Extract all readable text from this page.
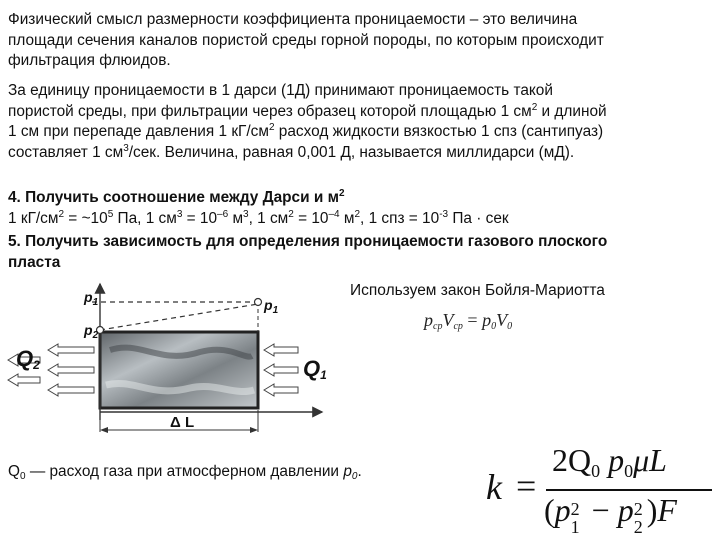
Физический смысл размерности коэффициента проницаемости – это величина
площади сечения каналов пористой среды горной породы, по которым происходит
фильтрация флюидов.
За единицу проницаемости в 1 дарси (1Д) принимают проницаемость такой
пористой среды, при фильтрации через образец которой площадью 1 $см^2$ и длиной
1 см при перепаде давления 1 $кГ/см^2$ расход жидкости вязкостью 1 спз (сантипуаз)
составляет 1 $см^3$/сек. Величина, равная 0,001 Д, называется миллидарси (мД).
4. Получить соотношение между Дарси и $м^2$
1 $кГ/см^2$ = $\sim 10^5$ Па, 1 $см^3 = 10^{-6}$ $м^3$, 1 $см^2 = 10^{-4}$ $м^2$, 1 спз = $10^{-3}$ Па · сек
5. Получить зависимость для определения проницаемости газового плоского
пласта
Используем закон Бойля-Мариотта
$p_{ср}V_{ср} = p_0V_0$
$p_1$	$p_1$
$p_2$
$Q_2$	$Q_1$
Δ L
$Q_0$ — расход газа при атмосферном давлении $p_0$.	k =
$2Q_0$ $p_0\mu L$
(p 2
1 − p 2
2 )F
